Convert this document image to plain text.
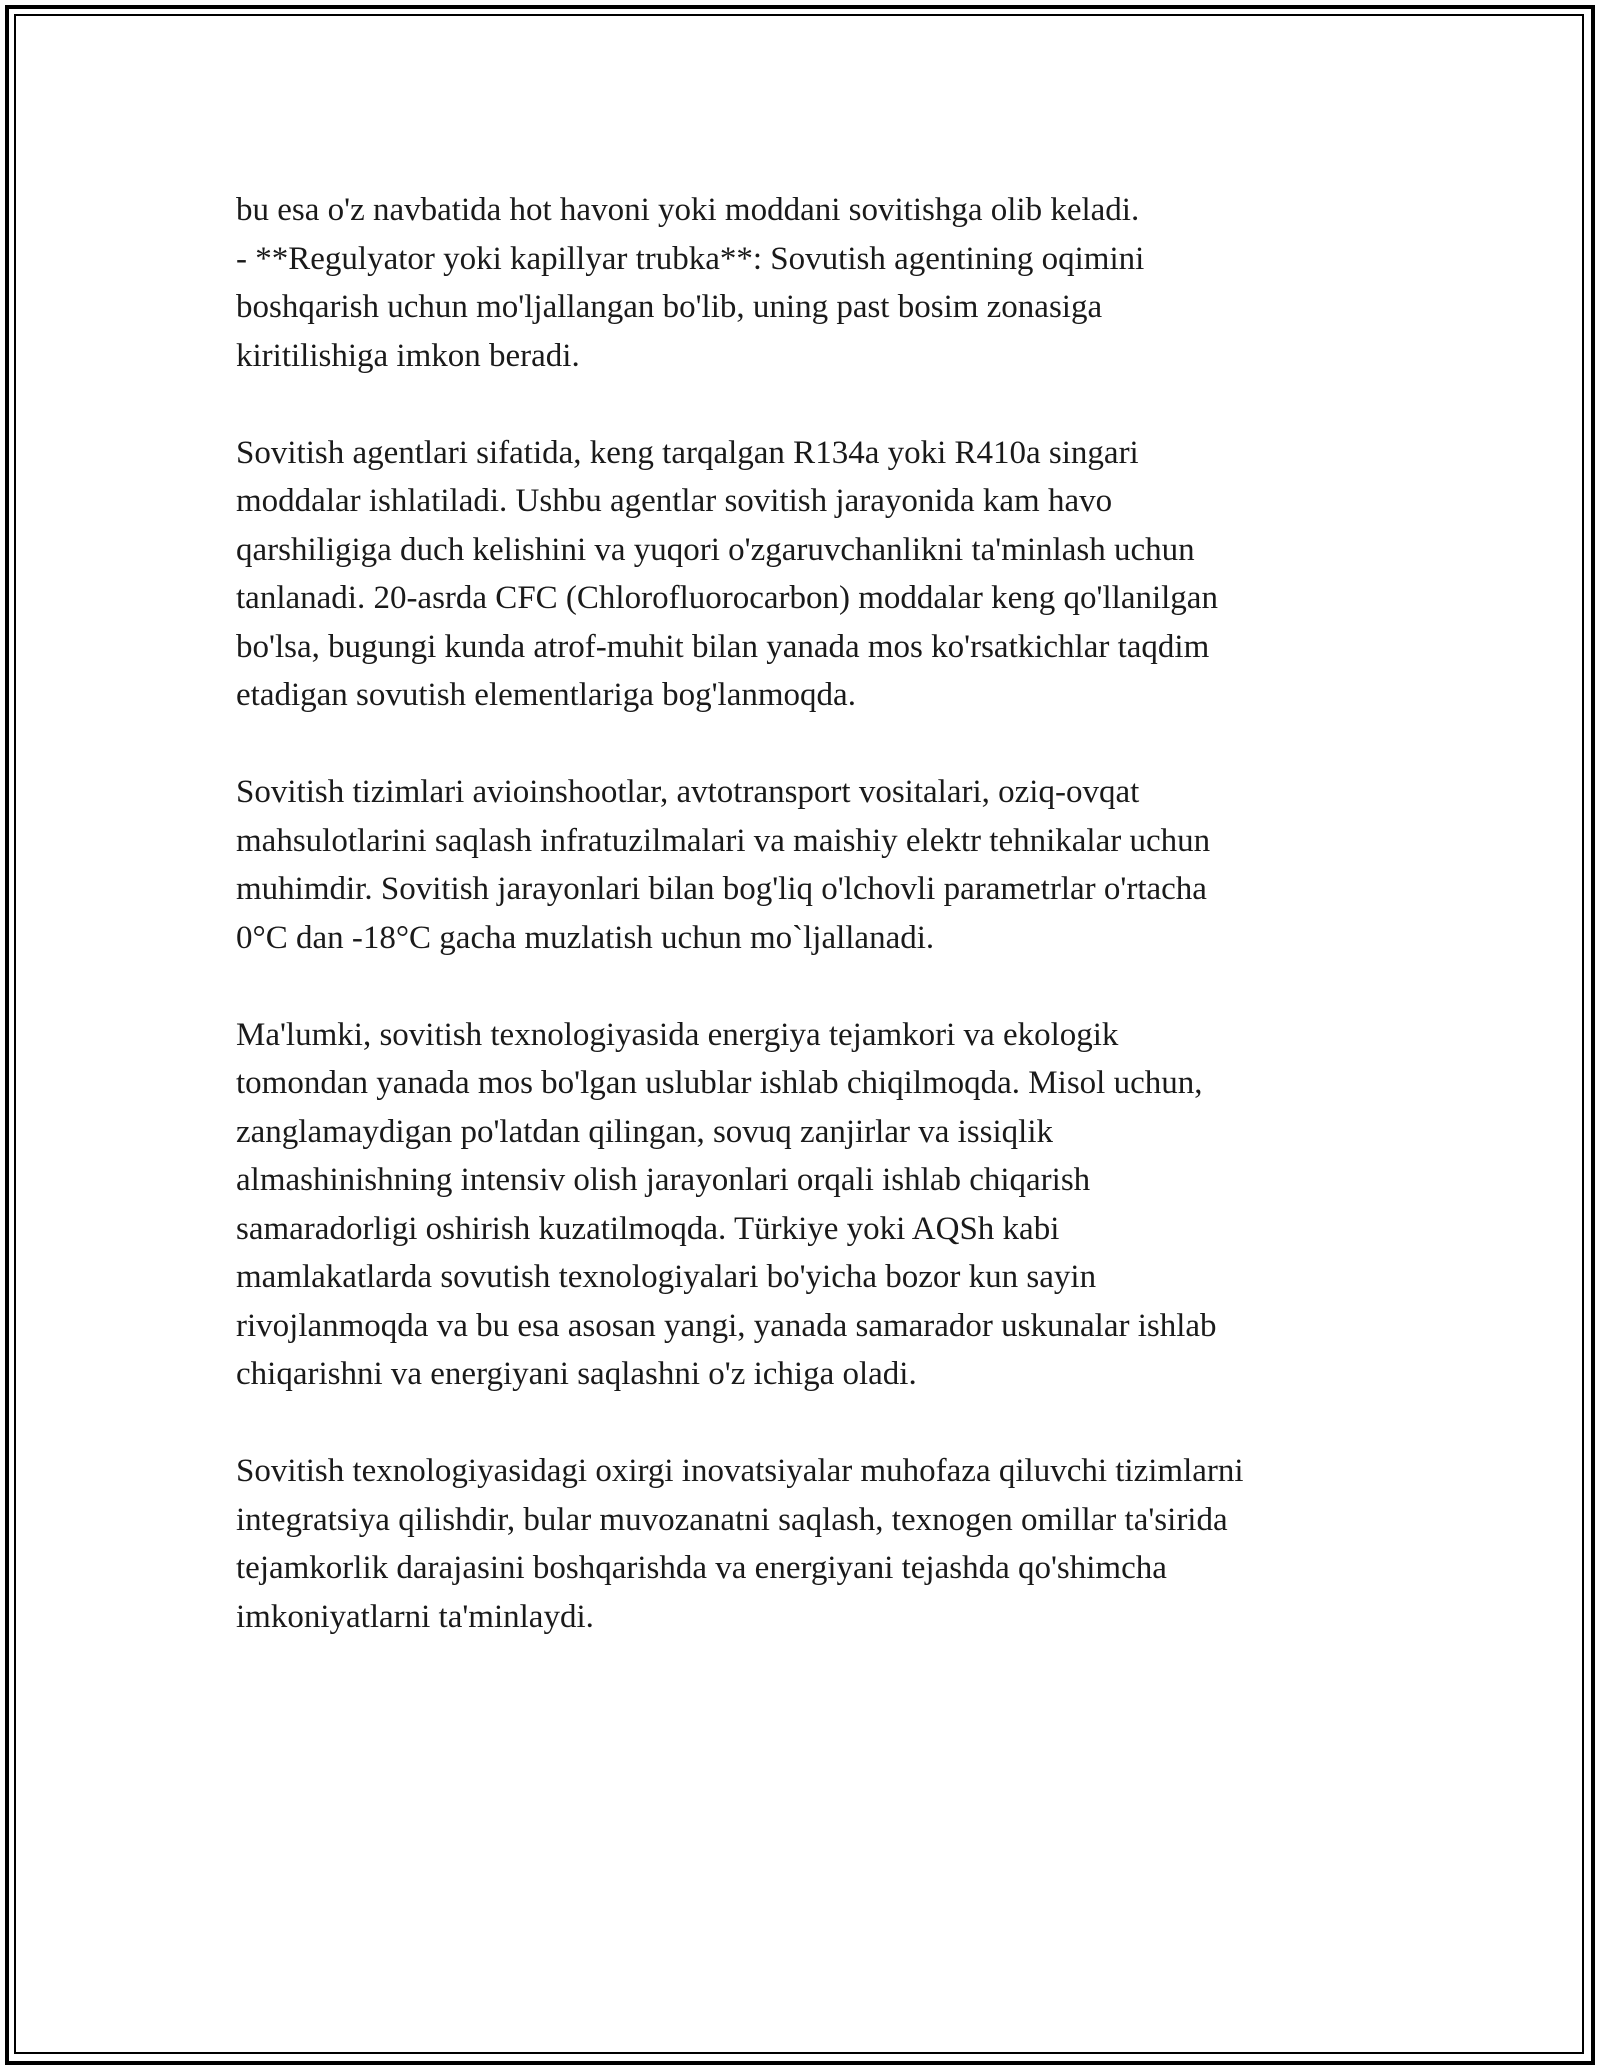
bu esa o'z navbatida hot havoni yoki moddani sovitishga olib keladi.
- **Regulyator yoki kapillyar trubka**: Sovutish agentining oqimini
boshqarish uchun mo'ljallangan bo'lib, uning past bosim zonasiga
kiritilishiga imkon beradi.

Sovitish agentlari sifatida, keng tarqalgan R134a yoki R410a singari
moddalar ishlatiladi. Ushbu agentlar sovitish jarayonida kam havo
qarshiligiga duch kelishini va yuqori o'zgaruvchanlikni ta'minlash uchun
tanlanadi. 20-asrda CFC (Chlorofluorocarbon) moddalar keng qo'llanilgan
bo'lsa, bugungi kunda atrof-muhit bilan yanada mos ko'rsatkichlar taqdim
etadigan sovutish elementlariga bog'lanmoqda.

Sovitish tizimlari avioinshootlar, avtotransport vositalari, oziq-ovqat
mahsulotlarini saqlash infratuzilmalari va maishiy elektr tehnikalar uchun
muhimdir. Sovitish jarayonlari bilan bog'liq o'lchovli parametrlar o'rtacha
0°C dan -18°C gacha muzlatish uchun mo`ljallanadi.

Ma'lumki, sovitish texnologiyasida energiya tejamkori va ekologik
tomondan yanada mos bo'lgan uslublar ishlab chiqilmoqda. Misol uchun,
zanglamaydigan po'latdan qilingan, sovuq zanjirlar va issiqlik
almashinishning intensiv olish jarayonlari orqali ishlab chiqarish
samaradorligi oshirish kuzatilmoqda. Türkiye yoki AQSh kabi
mamlakatlarda sovutish texnologiyalari bo'yicha bozor kun sayin
rivojlanmoqda va bu esa asosan yangi, yanada samarador uskunalar ishlab
chiqarishni va energiyani saqlashni o'z ichiga oladi.

Sovitish texnologiyasidagi oxirgi inovatsiyalar muhofaza qiluvchi tizimlarni
integratsiya qilishdir, bular muvozanatni saqlash, texnogen omillar ta'sirida
tejamkorlik darajasini boshqarishda va energiyani tejashda qo'shimcha
imkoniyatlarni ta'minlaydi.
